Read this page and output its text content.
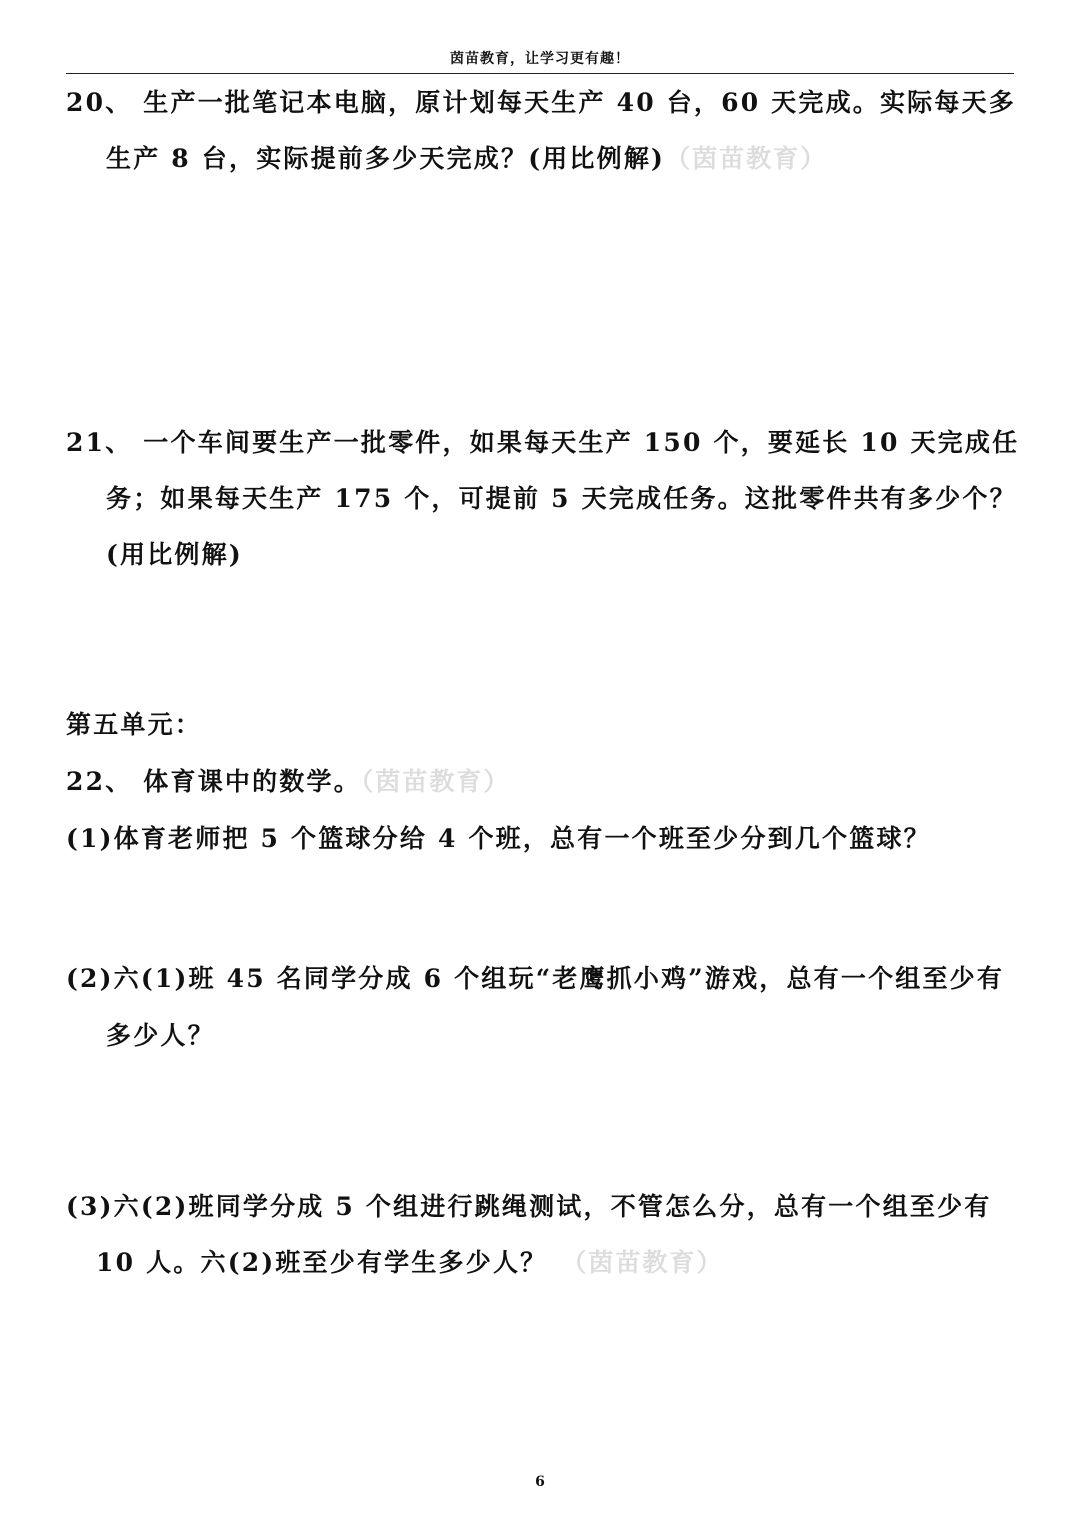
茵苗教育，让学习更有趣！
20、 生产一批笔记本电脑，原计划每天生产 40 台，60 天完成。实际每天多
生产 8 台，实际提前多少天完成？(用比例解)（茵苗教育）
21、 一个车间要生产一批零件，如果每天生产 150 个，要延长 10 天完成任
务；如果每天生产 175 个，可提前 5 天完成任务。这批零件共有多少个？
(用比例解)
第五单元：
22、 体育课中的数学。（茵苗教育）
(1)体育老师把 5 个篮球分给 4 个班，总有一个班至少分到几个篮球？
(2)六(1)班 45 名同学分成 6 个组玩“老鹰抓小鸡”游戏，总有一个组至少有
多少人？
(3)六(2)班同学分成 5 个组进行跳绳测试，不管怎么分，总有一个组至少有
10 人。六(2)班至少有学生多少人？ （茵苗教育）
6
